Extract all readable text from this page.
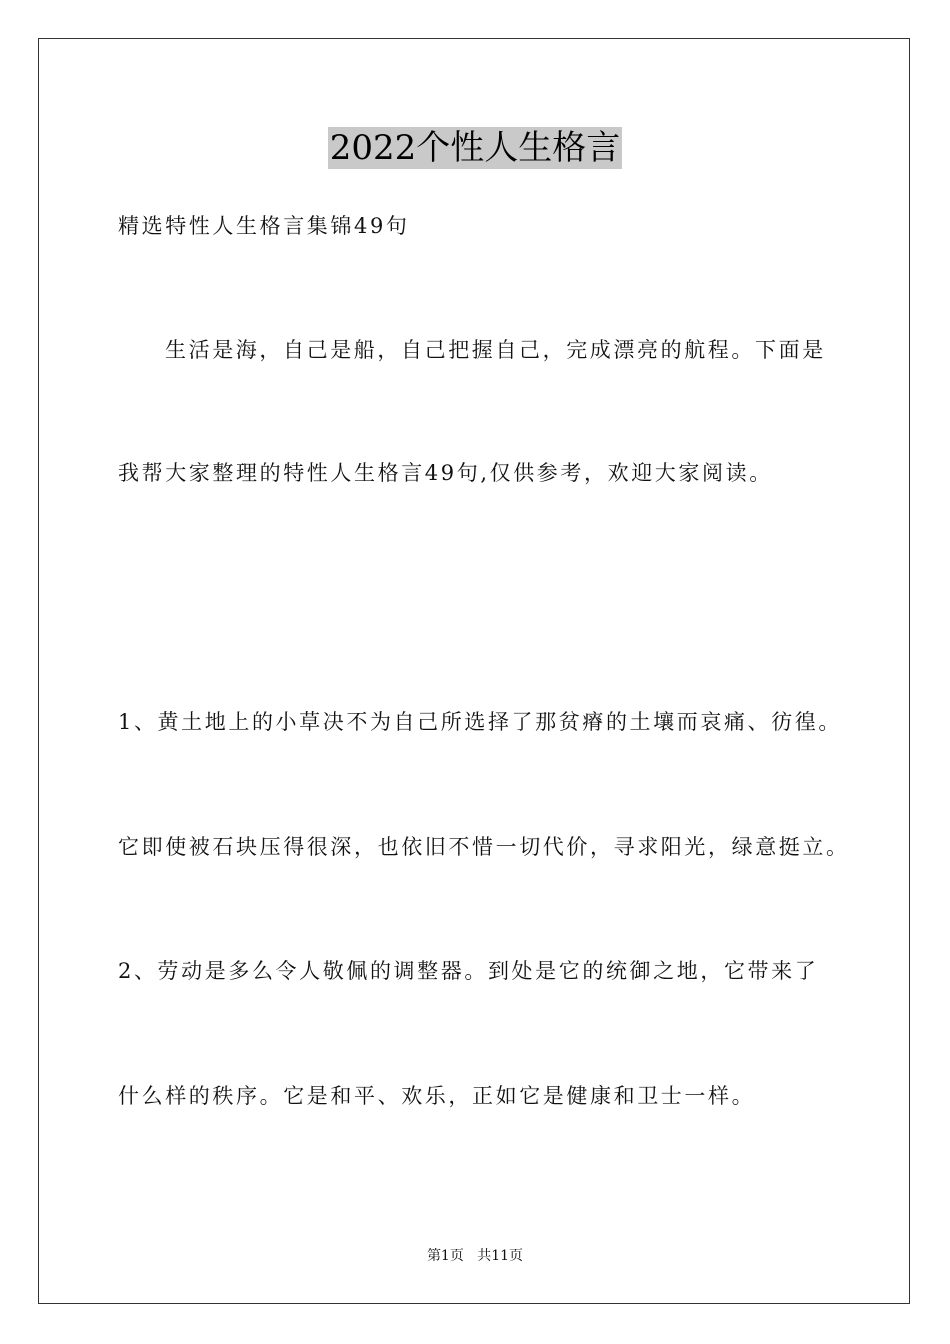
2022个性人生格言
精选特性人生格言集锦49句
生活是海，自己是船，自己把握自己，完成漂亮的航程。下面是
我帮大家整理的特性人生格言49句,仅供参考，欢迎大家阅读。
1、黄土地上的小草决不为自己所选择了那贫瘠的土壤而哀痛、彷徨。
它即使被石块压得很深，也依旧不惜一切代价，寻求阳光，绿意挺立。
2、劳动是多么令人敬佩的调整器。到处是它的统御之地，它带来了
什么样的秩序。它是和平、欢乐，正如它是健康和卫士一样。
第1页 共11页
